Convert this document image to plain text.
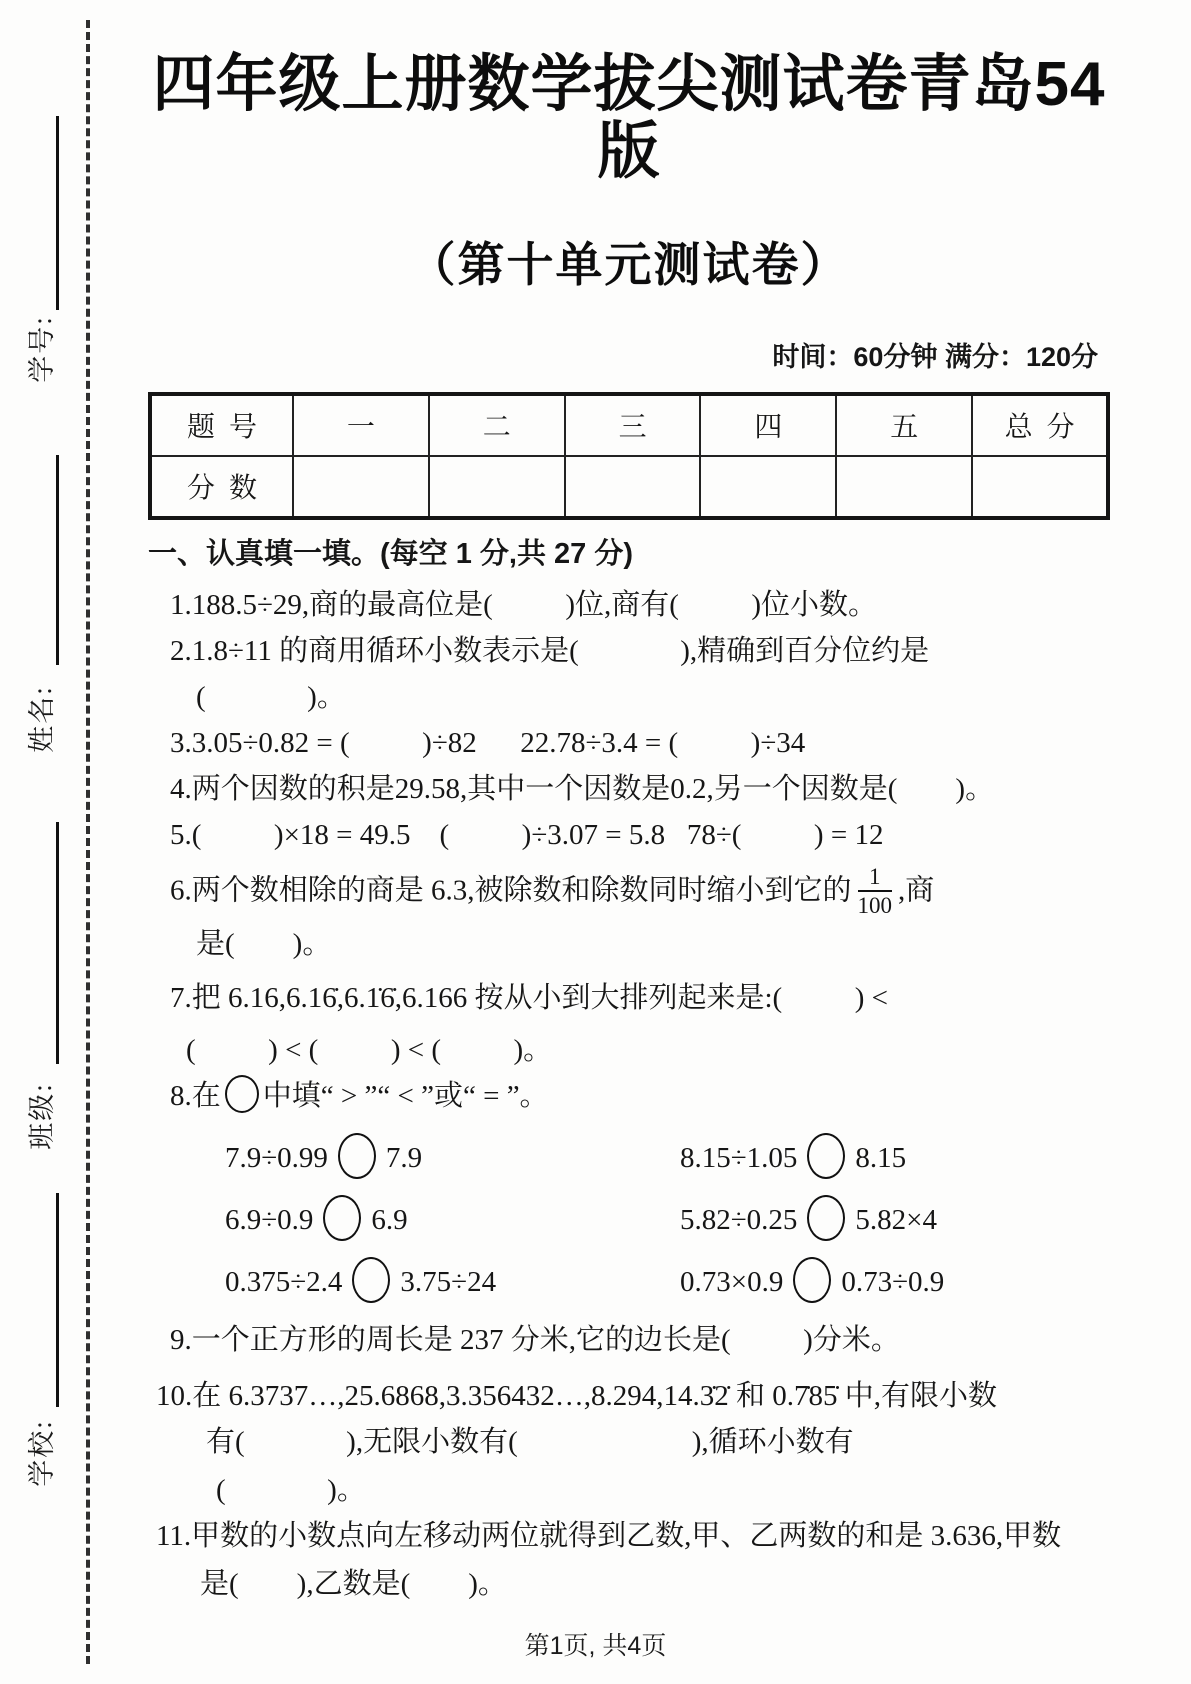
学号:
姓名:
班级:
学校:
四年级上册数学拔尖测试卷青岛54版
（第十单元测试卷）
时间：60分钟 满分：120分
题  号	一	二	三	四	五	总  分
分  数						
一、认真填一填。(每空 1 分,共 27 分)
1.188.5÷29,商的最高位是(          )位,商有(          )位小数。
2.1.8÷11 的商用循环小数表示是(              ),精确到百分位约是
(              )。
3.3.05÷0.82 = (          )÷82      22.78÷3.4 = (          )÷34
4.两个因数的积是29.58,其中一个因数是0.2,另一个因数是(        )。
5.(          )×18 = 49.5    (          )÷3.07 = 5.8   78÷(          ) = 12
6.两个数相除的商是 6.3,被除数和除数同时缩小到它的 $\frac{1}{100}$ ,商
是(        )。
7.把 6.16,6.16̇,6.1̇6̇,6.166 按从小到大排列起来是:(          ) <
(          ) < (          ) < (          )。
8.在 中填“ > ”“ < ”或“ = ”。
7.9÷0.99 7.9	8.15÷1.05 8.15
6.9÷0.9 6.9	5.82÷0.25 5.82×4
0.375÷2.4 3.75÷24	0.73×0.9 0.73÷0.9
9.一个正方形的周长是 237 分米,它的边长是(          )分米。
10.在 6.3737…,25.6868,3.356432…,8.294,14.3̇2̇ 和 0.7̇85̇ 中,有限小数
有(              ),无限小数有(                        ),循环小数有
(              )。
11.甲数的小数点向左移动两位就得到乙数,甲、乙两数的和是 3.636,甲数
是(        ),乙数是(        )。
第1页, 共4页
